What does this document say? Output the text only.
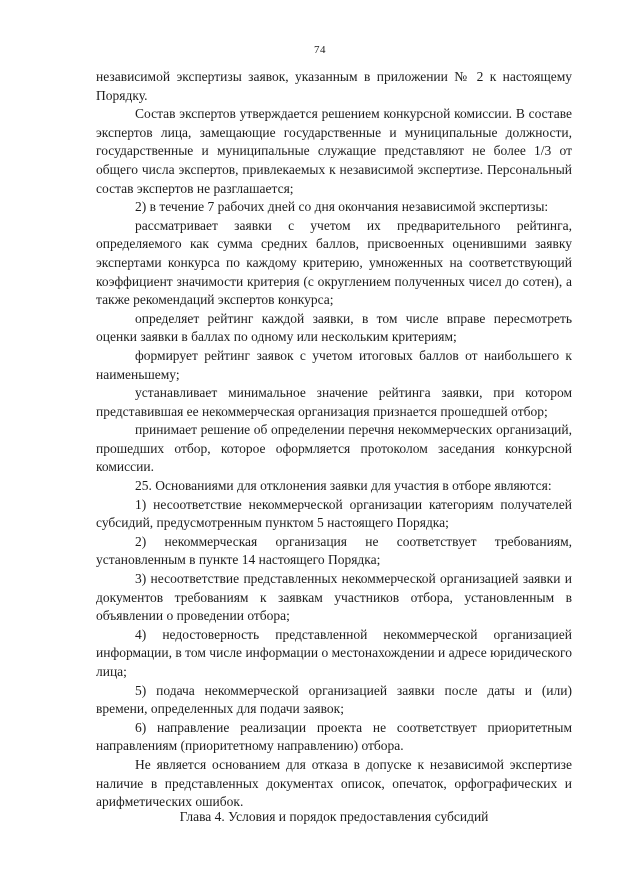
74

независимой экспертизы заявок, указанным в приложении № 2 к настоящему Порядку.

Состав экспертов утверждается решением конкурсной комиссии. В составе экспертов лица, замещающие государственные и муниципальные должности, государственные и муниципальные служащие представляют не более 1/3 от общего числа экспертов, привлекаемых к независимой экспертизе. Персональный состав экспертов не разглашается;

2) в течение 7 рабочих дней со дня окончания независимой экспертизы:

рассматривает заявки с учетом их предварительного рейтинга, определяемого как сумма средних баллов, присвоенных оценившими заявку экспертами конкурса по каждому критерию, умноженных на соответствующий коэффициент значимости критерия (с округлением полученных чисел до сотен), а также рекомендаций экспертов конкурса;

определяет рейтинг каждой заявки, в том числе вправе пересмотреть оценки заявки в баллах по одному или нескольким критериям;

формирует рейтинг заявок с учетом итоговых баллов от наибольшего к наименьшему;

устанавливает минимальное значение рейтинга заявки, при котором представившая ее некоммерческая организация признается прошедшей отбор;

принимает решение об определении перечня некоммерческих организаций, прошедших отбор, которое оформляется протоколом заседания конкурсной комиссии.

25. Основаниями для отклонения заявки для участия в отборе являются:

1) несоответствие некоммерческой организации категориям получателей субсидий, предусмотренным пунктом 5 настоящего Порядка;

2) некоммерческая организация не соответствует требованиям, установленным в пункте 14 настоящего Порядка;

3) несоответствие представленных некоммерческой организацией заявки и документов требованиям к заявкам участников отбора, установленным в объявлении о проведении отбора;

4) недостоверность представленной некоммерческой организацией информации, в том числе информации о местонахождении и адресе юридического лица;

5) подача некоммерческой организацией заявки после даты и (или) времени, определенных для подачи заявок;

6) направление реализации проекта не соответствует приоритетным направлениям (приоритетному направлению) отбора.

Не является основанием для отказа в допуске к независимой экспертизе наличие в представленных документах описок, опечаток, орфографических и арифметических ошибок.

Глава 4. Условия и порядок предоставления субсидий
